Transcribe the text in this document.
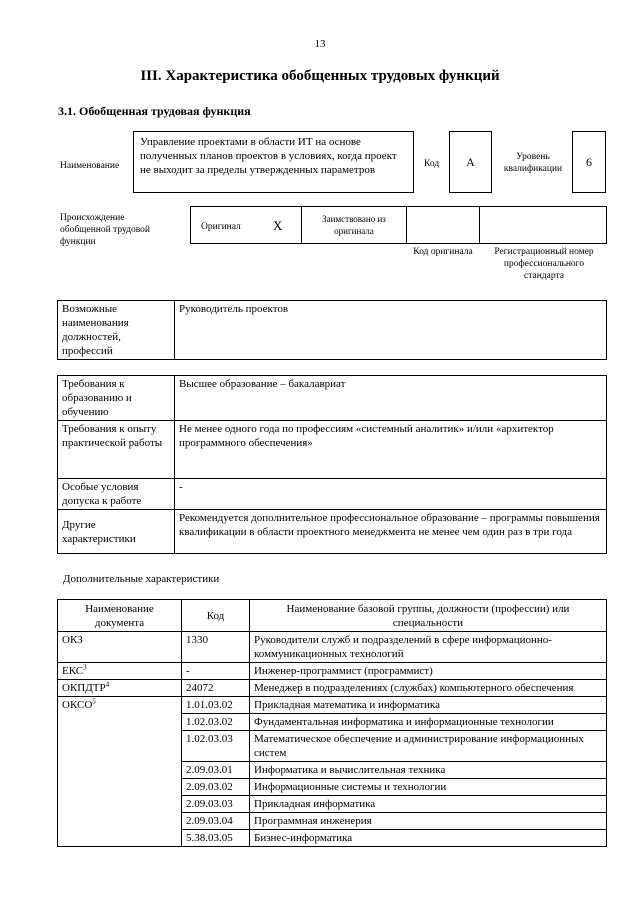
13
III. Характеристика обобщенных трудовых функций
3.1. Обобщенная трудовая функция
Наименование
Управление проектами в области ИТ на основе полученных планов проектов в условиях, когда проект не выходит за пределы утвержденных параметров	Код A	Уровень квалификации	6
Происхождение обобщенной трудовой функции
Оригинал X	Заимствовано из оригинала
Код оригинала	Регистрационный номер профессионального стандарта
Возможные наименования должностей, профессий	Руководитель проектов
Требования к образованию и обучению	Высшее образование – бакалавриат
Требования к опыту практической работы	Не менее одного года по профессиям «системный аналитик» и/или «архитектор программного обеспечения»
Особые условия допуска к работе	-
Другие характеристики	Рекомендуется дополнительное профессиональное образование – программы повышения квалификации в области проектного менеджмента не менее чем один раз в три года
Дополнительные характеристики
Наименование документа	Код	Наименование базовой группы, должности (профессии) или специальности
ОКЗ	1330	Руководители служб и подразделений в сфере информационно-коммуникационных технологий
ЕКС$^3$	-	Инженер-программист (программист)
ОКПДТР$^4$	24072	Менеджер в подразделениях (службах) компьютерного обеспечения
ОКСО$^5$	1.01.03.02	Прикладная математика и информатика
	1.02.03.02	Фундаментальная информатика и информационные технологии
	1.02.03.03	Математическое обеспечение и администрирование информационных систем
	2.09.03.01	Информатика и вычислительная техника
	2.09.03.02	Информационные системы и технологии
	2.09.03.03	Прикладная информатика
	2.09.03.04	Программная инженерия
	5.38.03.05	Бизнес-информатика
